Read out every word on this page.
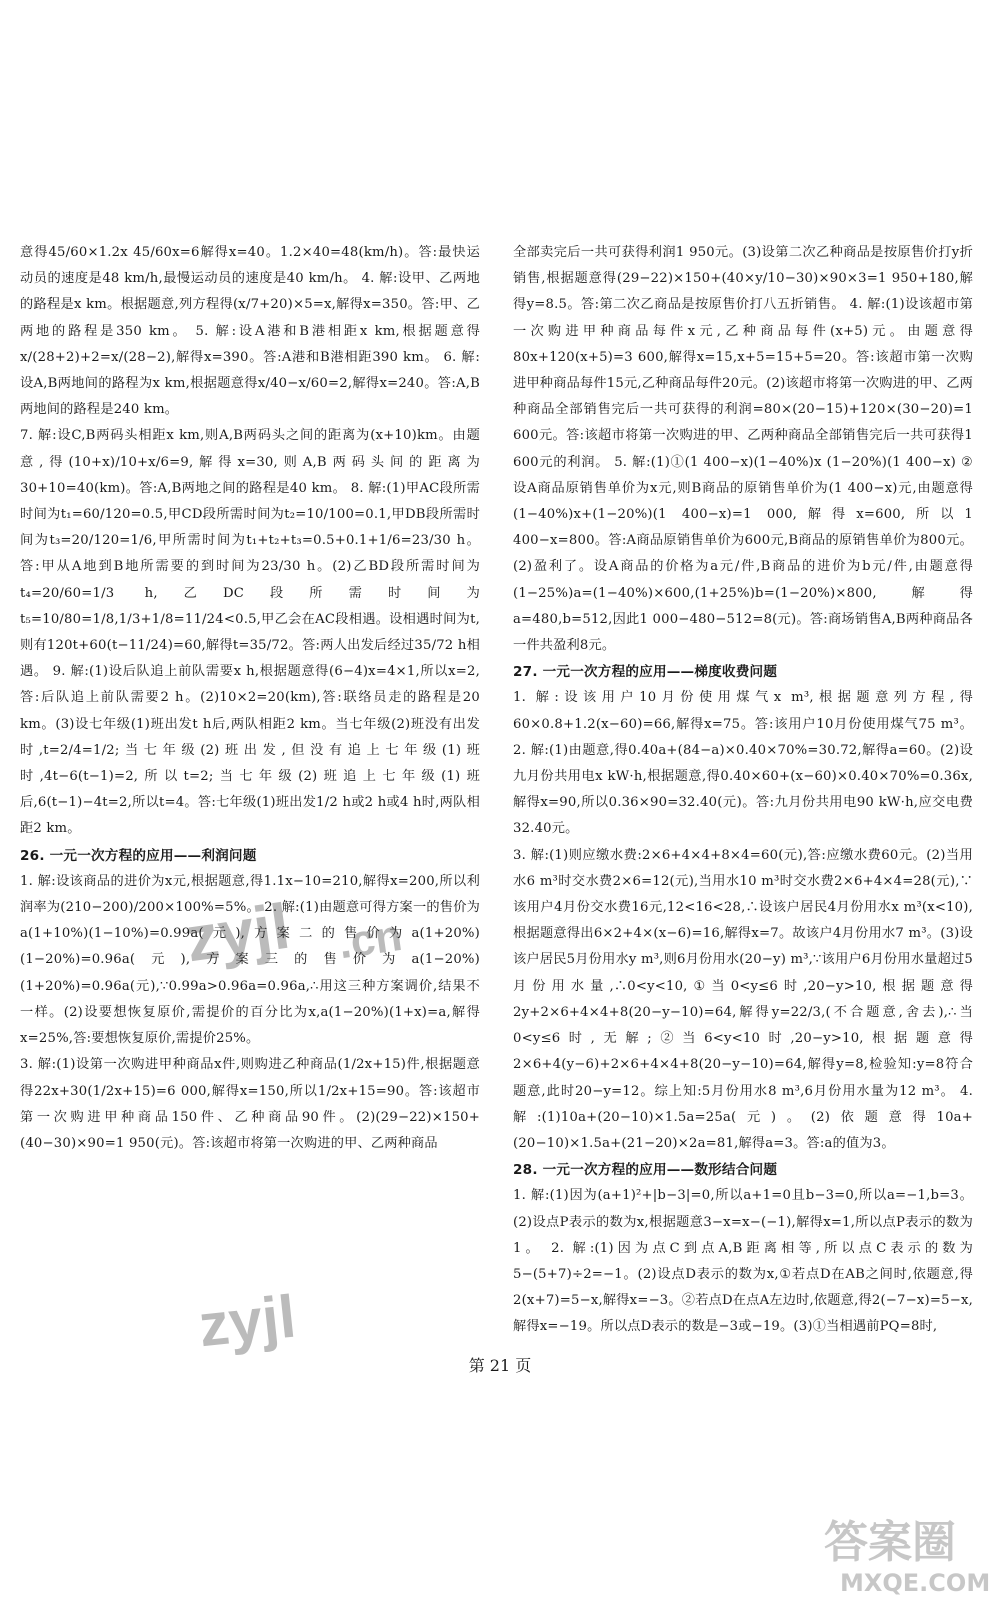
意得45/60×1.2x 45/60x=6解得x=40。1.2×40=48(km/h)。答:最快运动员的速度是48 km/h,最慢运动员的速度是40 km/h。 4. 解:设甲、乙两地的路程是x km。根据题意,列方程得(x/7+20)×5=x,解得x=350。答:甲、乙两地的路程是350 km。 5. 解:设A港和B港相距x km,根据题意得x/(28+2)+2=x/(28−2),解得x=390。答:A港和B港相距390 km。 6. 解:设A,B两地间的路程为x km,根据题意得x/40−x/60=2,解得x=240。答:A,B两地间的路程是240 km。

7. 解:设C,B两码头相距x km,则A,B两码头之间的距离为(x+10)km。由题意,得(10+x)/10+x/6=9,解得x=30,则A,B两码头间的距离为30+10=40(km)。答:A,B两地之间的路程是40 km。 8. 解:(1)甲AC段所需时间为t₁=60/120=0.5,甲CD段所需时间为t₂=10/100=0.1,甲DB段所需时间为t₃=20/120=1/6,甲所需时间为t₁+t₂+t₃=0.5+0.1+1/6=23/30 h。答:甲从A地到B地所需要的到时间为23/30 h。(2)乙BD段所需时间为t₄=20/60=1/3 h,乙DC段所需时间为t₅=10/80=1/8,1/3+1/8=11/24<0.5,甲乙会在AC段相遇。设相遇时间为t,则有120t+60(t−11/24)=60,解得t=35/72。答:两人出发后经过35/72 h相遇。 9. 解:(1)设后队追上前队需要x h,根据题意得(6−4)x=4×1,所以x=2,答:后队追上前队需要2 h。(2)10×2=20(km),答:联络员走的路程是20 km。(3)设七年级(1)班出发t h后,两队相距2 km。当七年级(2)班没有出发时,t=2/4=1/2;当七年级(2)班出发,但没有追上七年级(1)班时,4t−6(t−1)=2,所以t=2;当七年级(2)班追上七年级(1)班后,6(t−1)−4t=2,所以t=4。答:七年级(1)班出发1/2 h或2 h或4 h时,两队相距2 km。

26. 一元一次方程的应用——利润问题

1. 解:设该商品的进价为x元,根据题意,得1.1x−10=210,解得x=200,所以利润率为(210−200)/200×100%=5%。 2. 解:(1)由题意可得方案一的售价为a(1+10%)(1−10%)=0.99a(元),方案二的售价为a(1+20%)(1−20%)=0.96a(元),方案三的售价为a(1−20%)(1+20%)=0.96a(元),∵0.99a>0.96a=0.96a,∴用这三种方案调价,结果不一样。(2)设要想恢复原价,需提价的百分比为x,a(1−20%)(1+x)=a,解得x=25%,答:要想恢复原价,需提价25%。

3. 解:(1)设第一次购进甲种商品x件,则购进乙种商品(1/2x+15)件,根据题意得22x+30(1/2x+15)=6 000,解得x=150,所以1/2x+15=90。答:该超市第一次购进甲种商品150件、乙种商品90件。(2)(29−22)×150+(40−30)×90=1 950(元)。答:该超市将第一次购进的甲、乙两种商品

全部卖完后一共可获得利润1 950元。(3)设第二次乙种商品是按原售价打y折销售,根据题意得(29−22)×150+(40×y/10−30)×90×3=1 950+180,解得y=8.5。答:第二次乙商品是按原售价打八五折销售。 4. 解:(1)设该超市第一次购进甲种商品每件x元,乙种商品每件(x+5)元。由题意得80x+120(x+5)=3 600,解得x=15,x+5=15+5=20。答:该超市第一次购进甲种商品每件15元,乙种商品每件20元。(2)该超市将第一次购进的甲、乙两种商品全部销售完后一共可获得的利润=80×(20−15)+120×(30−20)=1 600元。答:该超市将第一次购进的甲、乙两种商品全部销售完后一共可获得1 600元的利润。 5. 解:(1)①(1 400−x)(1−40%)x (1−20%)(1 400−x) ②设A商品原销售单价为x元,则B商品的原销售单价为(1 400−x)元,由题意得(1−40%)x+(1−20%)(1 400−x)=1 000,解得x=600,所以1 400−x=800。答:A商品原销售单价为600元,B商品的原销售单价为800元。(2)盈利了。设A商品的价格为a元/件,B商品的进价为b元/件,由题意得(1−25%)a=(1−40%)×600,(1+25%)b=(1−20%)×800,解得a=480,b=512,因此1 000−480−512=8(元)。答:商场销售A,B两种商品各一件共盈利8元。

27. 一元一次方程的应用——梯度收费问题

1. 解:设该用户10月份使用煤气x m³,根据题意列方程,得60×0.8+1.2(x−60)=66,解得x=75。答:该用户10月份使用煤气75 m³。 2. 解:(1)由题意,得0.40a+(84−a)×0.40×70%=30.72,解得a=60。(2)设九月份共用电x kW·h,根据题意,得0.40×60+(x−60)×0.40×70%=0.36x,解得x=90,所以0.36×90=32.40(元)。答:九月份共用电90 kW·h,应交电费32.40元。

3. 解:(1)则应缴水费:2×6+4×4+8×4=60(元),答:应缴水费60元。(2)当用水6 m³时交水费2×6=12(元),当用水10 m³时交水费2×6+4×4=28(元),∵该用户4月份交水费16元,12<16<28,∴设该户居民4月份用水x m³(x<10),根据题意得出6×2+4×(x−6)=16,解得x=7。故该户4月份用水7 m³。(3)设该户居民5月份用水y m³,则6月份用水(20−y) m³,∵该用户6月份用水量超过5月份用水量,∴0<y<10,①当0<y≤6时,20−y>10,根据题意得2y+2×6+4×4+8(20−y−10)=64,解得y=22/3,(不合题意,舍去),∴当0<y≤6时,无解;②当6<y<10时,20−y>10,根据题意得2×6+4(y−6)+2×6+4×4+8(20−y−10)=64,解得y=8,检验知:y=8符合题意,此时20−y=12。综上知:5月份用水8 m³,6月份用水量为12 m³。 4. 解:(1)10a+(20−10)×1.5a=25a(元)。(2)依题意得10a+(20−10)×1.5a+(21−20)×2a=81,解得a=3。答:a的值为3。

28. 一元一次方程的应用——数形结合问题

1. 解:(1)因为(a+1)²+|b−3|=0,所以a+1=0且b−3=0,所以a=−1,b=3。(2)设点P表示的数为x,根据题意3−x=x−(−1),解得x=1,所以点P表示的数为1。 2. 解:(1)因为点C到点A,B距离相等,所以点C表示的数为5−(5+7)÷2=−1。(2)设点D表示的数为x,①若点D在AB之间时,依题意,得2(x+7)=5−x,解得x=−3。②若点D在点A左边时,依题意,得2(−7−x)=5−x,解得x=−19。所以点D表示的数是−3或−19。(3)①当相遇前PQ=8时,

第 21 页
zyjl .cn
zyjl
答案圈
MXQE.COM
